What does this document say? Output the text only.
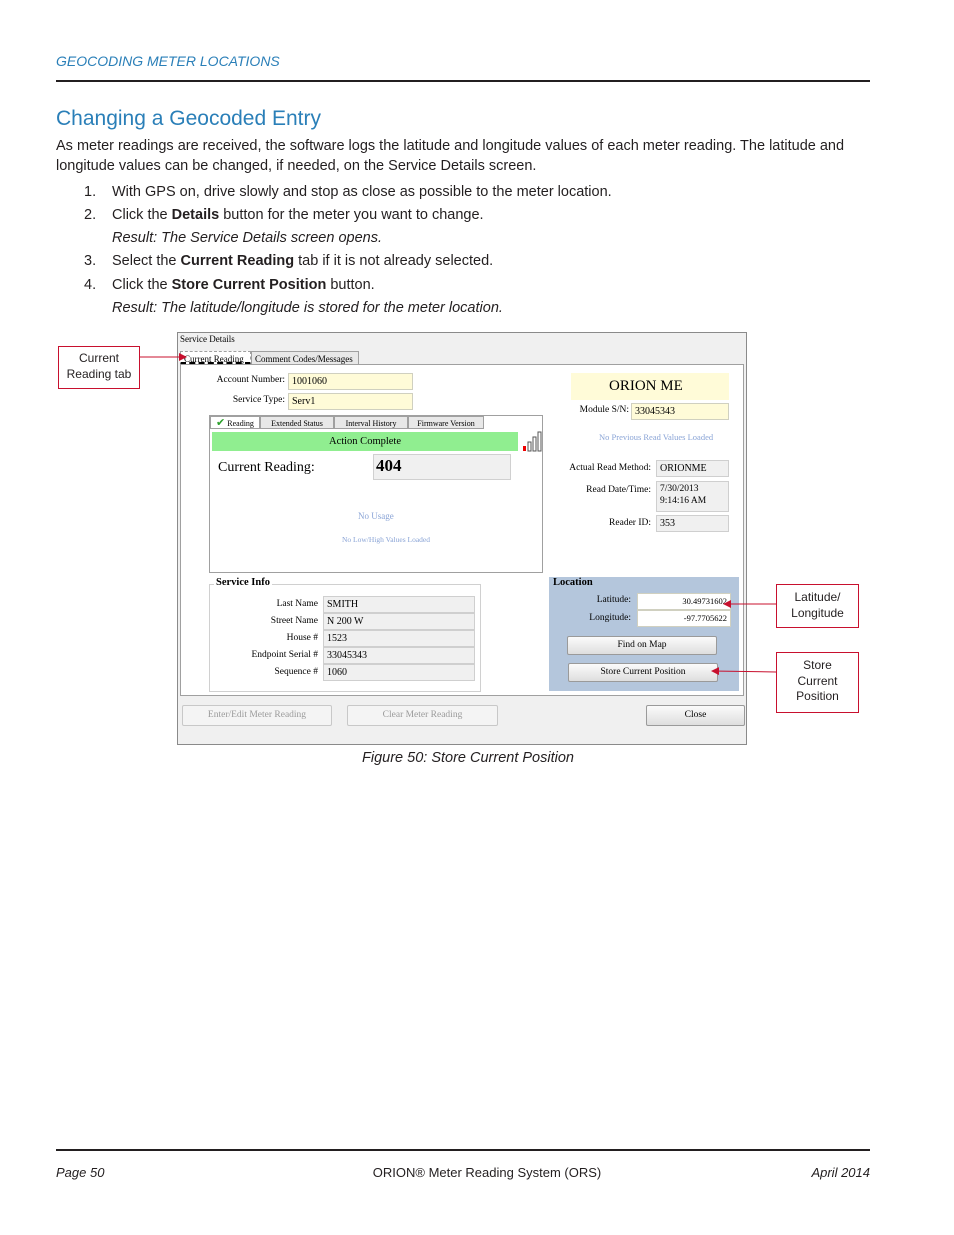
GEOCODING METER LOCATIONS
Changing a Geocoded Entry
As meter readings are received, the software logs the latitude and longitude values of each meter reading. The latitude and longitude values can be changed, if needed, on the Service Details screen.
1. With GPS on, drive slowly and stop as close as possible to the meter location.
2. Click the Details button for the meter you want to change.
Result: The Service Details screen opens.
3. Select the Current Reading tab if it is not already selected.
4. Click the Store Current Position button.
Result: The latitude/longitude is stored for the meter location.
Service Details
Current Reading	Comment Codes/Messages
Account Number: 1001060
Service Type: Serv1
ORION ME
Module S/N: 33045343
No Previous Read Values Loaded
✔ Reading	Extended Status	Interval History	Firmware Version
Action Complete
Current Reading:	404
No Usage
No Low/High Values Loaded
Actual Read Method: ORIONME
Read Date/Time: 7/30/2013
9:14:16 AM
Reader ID: 353
Service Info
Last Name SMITH
Street Name N 200 W
House # 1523
Endpoint Serial # 33045343
Sequence # 1060
Location
Latitude:	30.49731602
Longitude:	-97.7705622
Find on Map
Store Current Position
Enter/Edit Meter Reading	Clear Meter Reading	Close
Current
Reading tab
Latitude/
Longitude
Store
Current
Position
Figure 50: Store Current Position
Page 50	ORION® Meter Reading System (ORS)	April 2014
